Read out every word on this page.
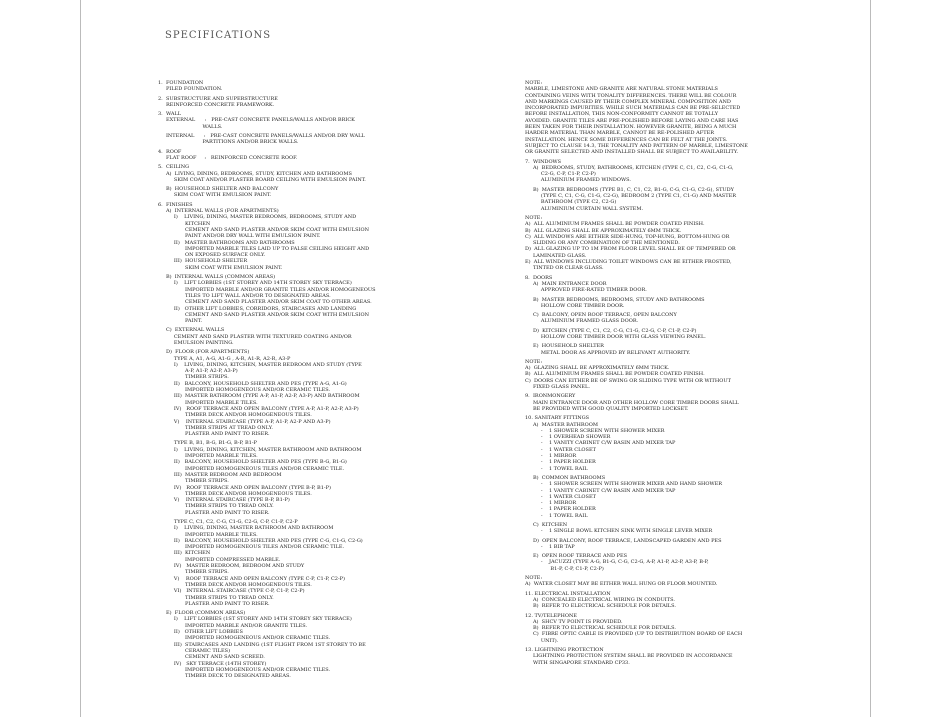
SPECIFICATIONS
1.  FOUNDATION
PILED FOUNDATION.
2.  SUBSTRUCTURE AND SUPERSTRUCTURE
REINFORCED CONCRETE FRAMEWORK.
3.  WALL
EXTERNAL      :   PRE-CAST CONCRETE PANELS/WALLS AND/OR BRICK
WALLS.
INTERNAL      :   PRE-CAST CONCRETE PANELS/WALLS AND/OR DRY WALL
PARTITIONS AND/OR BRICK WALLS.
4.  ROOF
FLAT ROOF     :   REINFORCED CONCRETE ROOF.
5.  CEILING
A)  LIVING, DINING, BEDROOMS, STUDY, KITCHEN AND BATHROOMS
SKIM COAT AND/OR PLASTER BOARD CEILING WITH EMULSION PAINT.
B)  HOUSEHOLD SHELTER AND BALCONY
SKIM COAT WITH EMULSION PAINT.
6.  FINISHES
A)  INTERNAL WALLS (FOR APARTMENTS)
I)    LIVING, DINING, MASTER BEDROOMS, BEDROOMS, STUDY AND
KITCHEN
CEMENT AND SAND PLASTER AND/OR SKIM COAT WITH EMULSION
PAINT AND/OR DRY WALL WITH EMULSION PAINT.
II)   MASTER BATHROOMS AND BATHROOMS
IMPORTED MARBLE TILES LAID UP TO FALSE CEILING HEIGHT AND
ON EXPOSED SURFACE ONLY.
III)  HOUSEHOLD SHELTER
SKIM COAT WITH EMULSION PAINT.
B)  INTERNAL WALLS (COMMON AREAS)
I)    LIFT LOBBIES (1ST STOREY AND 14TH STOREY SKY TERRACE)
IMPORTED MARBLE AND/OR GRANITE TILES AND/OR HOMOGENEOUS
TILES TO LIFT WALL AND/OR TO DESIGNATED AREAS.
CEMENT AND SAND PLASTER AND/OR SKIM COAT TO OTHER AREAS.
II)   OTHER LIFT LOBBIES, CORRIDORS, STAIRCASES AND LANDING
CEMENT AND SAND PLASTER AND/OR SKIM COAT WITH EMULSION
PAINT.
C)  EXTERNAL WALLS
CEMENT AND SAND PLASTER WITH TEXTURED COATING AND/OR
EMULSION PAINTING.
D)  FLOOR (FOR APARTMENTS)
TYPE A, A1, A-G, A1-G , A-R, A1-R, A2-R, A3-P
I)    LIVING, DINING, KITCHEN, MASTER BEDROOM AND STUDY (TYPE
A-P, A1-P, A2-P, A3-P)
TIMBER STRIPS.
II)   BALCONY, HOUSEHOLD SHELTER AND PES (TYPE A-G, A1-G)
IMPORTED HOMOGENEOUS AND/OR CERAMIC TILES.
III)  MASTER BATHROOM (TYPE A-P, A1-P, A2-P, A3-P) AND BATHROOM
IMPORTED MARBLE TILES.
IV)   ROOF TERRACE AND OPEN BALCONY (TYPE A-P, A1-P, A2-P, A3-P)
TIMBER DECK AND/OR HOMOGENEOUS TILES.
V)    INTERNAL STAIRCASE (TYPE A-P, A1-P, A2-P AND A3-P)
TIMBER STRIPS AT TREAD ONLY.
PLASTER AND PAINT TO RISER.
TYPE B, B1, B-G, B1-G, B-P, B1-P
I)    LIVING, DINING, KITCHEN, MASTER BATHROOM AND BATHROOM
IMPORTED MARBLE TILES.
II)   BALCONY, HOUSEHOLD SHELTER AND PES (TYPE B-G, B1-G)
IMPORTED HOMOGENEOUS TILES AND/OR CERAMIC TILE.
III)  MASTER BEDROOM AND BEDROOM
TIMBER STRIPS.
IV)   ROOF TERRACE AND OPEN BALCONY (TYPE B-P, B1-P)
TIMBER DECK AND/OR HOMOGENEOUS TILES.
V)    INTERNAL STAIRCASE (TYPE B-P, B1-P)
TIMBER STRIPS TO TREAD ONLY.
PLASTER AND PAINT TO RISER.
TYPE C, C1, C2, C-G, C1-G, C2-G, C-P, C1-P, C2-P
I)    LIVING, DINING, MASTER BATHROOM AND BATHROOM
IMPORTED MARBLE TILES.
II)   BALCONY, HOUSEHOLD SHELTER AND PES (TYPE C-G, C1-G, C2-G)
IMPORTED HOMOGENEOUS TILES AND/OR CERAMIC TILE.
III)  KITCHEN
IMPORTED COMPRESSED MARBLE.
IV)   MASTER BEDROOM, BEDROOM AND STUDY
TIMBER STRIPS.
V)    ROOF TERRACE AND OPEN BALCONY (TYPE C-P, C1-P, C2-P)
TIMBER DECK AND/OR HOMOGENEOUS TILES.
VI)   INTERNAL STAIRCASE (TYPE C-P, C1-P, C2-P)
TIMBER STRIPS TO TREAD ONLY.
PLASTER AND PAINT TO RISER.
E)  FLOOR (COMMON AREAS)
I)    LIFT LOBBIES (1ST STOREY AND 14TH STOREY SKY TERRACE)
IMPORTED MARBLE AND/OR GRANITE TILES.
II)   OTHER LIFT LOBBIES
IMPORTED HOMOGENEOUS AND/OR CERAMIC TILES.
III)  STAIRCASES AND LANDING (1ST FLIGHT FROM 1ST STOREY TO BE
CERAMIC TILES)
CEMENT AND SAND SCREED.
IV)   SKY TERRACE (14TH STOREY)
IMPORTED HOMOGENEOUS AND/OR CERAMIC TILES.
TIMBER DECK TO DESIGNATED AREAS.
NOTE:
MARBLE, LIMESTONE AND GRANITE ARE NATURAL STONE MATERIALS
CONTAINING VEINS WITH TONALITY DIFFERENCES. THERE WILL BE COLOUR
AND MARKINGS CAUSED BY THEIR COMPLEX MINERAL COMPOSITION AND
INCORPORATED IMPURITIES. WHILE SUCH MATERIALS CAN BE PRE-SELECTED
BEFORE INSTALLATION, THIS NON-CONFORMITY CANNOT BE TOTALLY
AVOIDED. GRANITE TILES ARE PRE-POLISHED BEFORE LAYING AND CARE HAS
BEEN TAKEN FOR THEIR INSTALLATION. HOWEVER GRANITE, BEING A MUCH
HARDER MATERIAL THAN MARBLE, CANNOT BE RE-POLISHED AFTER
INSTALLATION. HENCE SOME DIFFERENCES CAN BE FELT AT THE JOINTS.
SUBJECT TO CLAUSE 14.3, THE TONALITY AND PATTERN OF MARBLE, LIMESTONE
OR GRANITE SELECTED AND INSTALLED SHALL BE SUBJECT TO AVAILABILITY.
7.  WINDOWS
A)  BEDROOMS, STUDY, BATHROOMS, KITCHEN (TYPE C, C1, C2, C-G, C1-G,
C2-G, C-P, C1-P, C2-P)
ALUMINIUM FRAMED WINDOWS.
B)  MASTER BEDROOMS (TYPE B1, C, C1, C2, B1-G, C-G, C1-G, C2-G), STUDY
(TYPE C, C1, C-G, C1-G, C2-G), BEDROOM 2 (TYPE C1, C1-G) AND MASTER
BATHROOM (TYPE C2, C2-G)
ALUMINIUM CURTAIN WALL SYSTEM.
NOTE:
A)  ALL ALUMINIUM FRAMES SHALL BE POWDER COATED FINISH.
B)  ALL GLAZING SHALL BE APPROXIMATELY 6MM THICK.
C)  ALL WINDOWS ARE EITHER SIDE-HUNG, TOP-HUNG, BOTTOM-HUNG OR
SLIDING OR ANY COMBINATION OF THE MENTIONED.
D)  ALL GLAZING UP TO 1M FROM FLOOR LEVEL SHALL BE OF TEMPERED OR
LAMINATED GLASS.
E)  ALL WINDOWS INCLUDING TOILET WINDOWS CAN BE EITHER FROSTED,
TINTED OR CLEAR GLASS.
8.  DOORS
A)  MAIN ENTRANCE DOOR
APPROVED FIRE-RATED TIMBER DOOR.
B)  MASTER BEDROOMS, BEDROOMS, STUDY AND BATHROOMS
HOLLOW CORE TIMBER DOOR.
C)  BALCONY, OPEN ROOF TERRACE, OPEN BALCONY
ALUMINIUM FRAMED GLASS DOOR.
D)  KITCHEN (TYPE C, C1, C2, C-G, C1-G, C2-G, C-P, C1-P, C2-P)
HOLLOW CORE TIMBER DOOR WITH GLASS VIEWING PANEL.
E)  HOUSEHOLD SHELTER
METAL DOOR AS APPROVED BY RELEVANT AUTHORITY.
NOTE:
A)  GLAZING SHALL BE APPROXIMATELY 6MM THICK.
B)  ALL ALUMINIUM FRAMES SHALL BE POWDER COATED FINISH.
C)  DOORS CAN EITHER BE OF SWING OR SLIDING TYPE WITH OR WITHOUT
FIXED GLASS PANEL.
9.  IRONMONGERY
MAIN ENTRANCE DOOR AND OTHER HOLLOW CORE TIMBER DOORS SHALL
BE PROVIDED WITH GOOD QUALITY IMPORTED LOCKSET.
10. SANITARY FITTINGS
A)  MASTER BATHROOM
-    1 SHOWER SCREEN WITH SHOWER MIXER
-    1 OVERHEAD SHOWER
-    1 VANITY CABINET C/W BASIN AND MIXER TAP
-    1 WATER CLOSET
-    1 MIRROR
-    1 PAPER HOLDER
-    1 TOWEL RAIL
B)  COMMON BATHROOMS
-    1 SHOWER SCREEN WITH SHOWER MIXER AND HAND SHOWER
-    1 VANITY CABINET C/W BASIN AND MIXER TAP
-    1 WATER CLOSET
-    1 MIRROR
-    1 PAPER HOLDER
-    1 TOWEL RAIL
C)  KITCHEN
-    1 SINGLE BOWL KITCHEN SINK WITH SINGLE LEVER MIXER
D)  OPEN BALCONY, ROOF TERRACE, LANDSCAPED GARDEN AND PES
-    1 BIB TAP
E)  OPEN ROOF TERRACE AND PES
-    JACUZZI (TYPE A-G, B1-G, C-G, C2-G, A-P, A1-P, A2-P, A3-P, B-P,
B1-P, C-P, C1-P, C2-P)
NOTE:
A)  WATER CLOSET MAY BE EITHER WALL HUNG OR FLOOR MOUNTED.
11. ELECTRICAL INSTALLATION
A)  CONCEALED ELECTRICAL WIRING IN CONDUITS.
B)  REFER TO ELECTRICAL SCHEDULE FOR DETAILS.
12. TV/TELEPHONE
A)  SHCV TV POINT IS PROVIDED.
B)  REFER TO ELECTRICAL SCHEDULE FOR DETAILS.
C)  FIBRE OPTIC CABLE IS PROVIDED (UP TO DISTRIBUTION BOARD OF EACH
UNIT).
13. LIGHTNING PROTECTION
LIGHTNING PROTECTION SYSTEM SHALL BE PROVIDED IN ACCORDANCE
WITH SINGAPORE STANDARD CP33.
